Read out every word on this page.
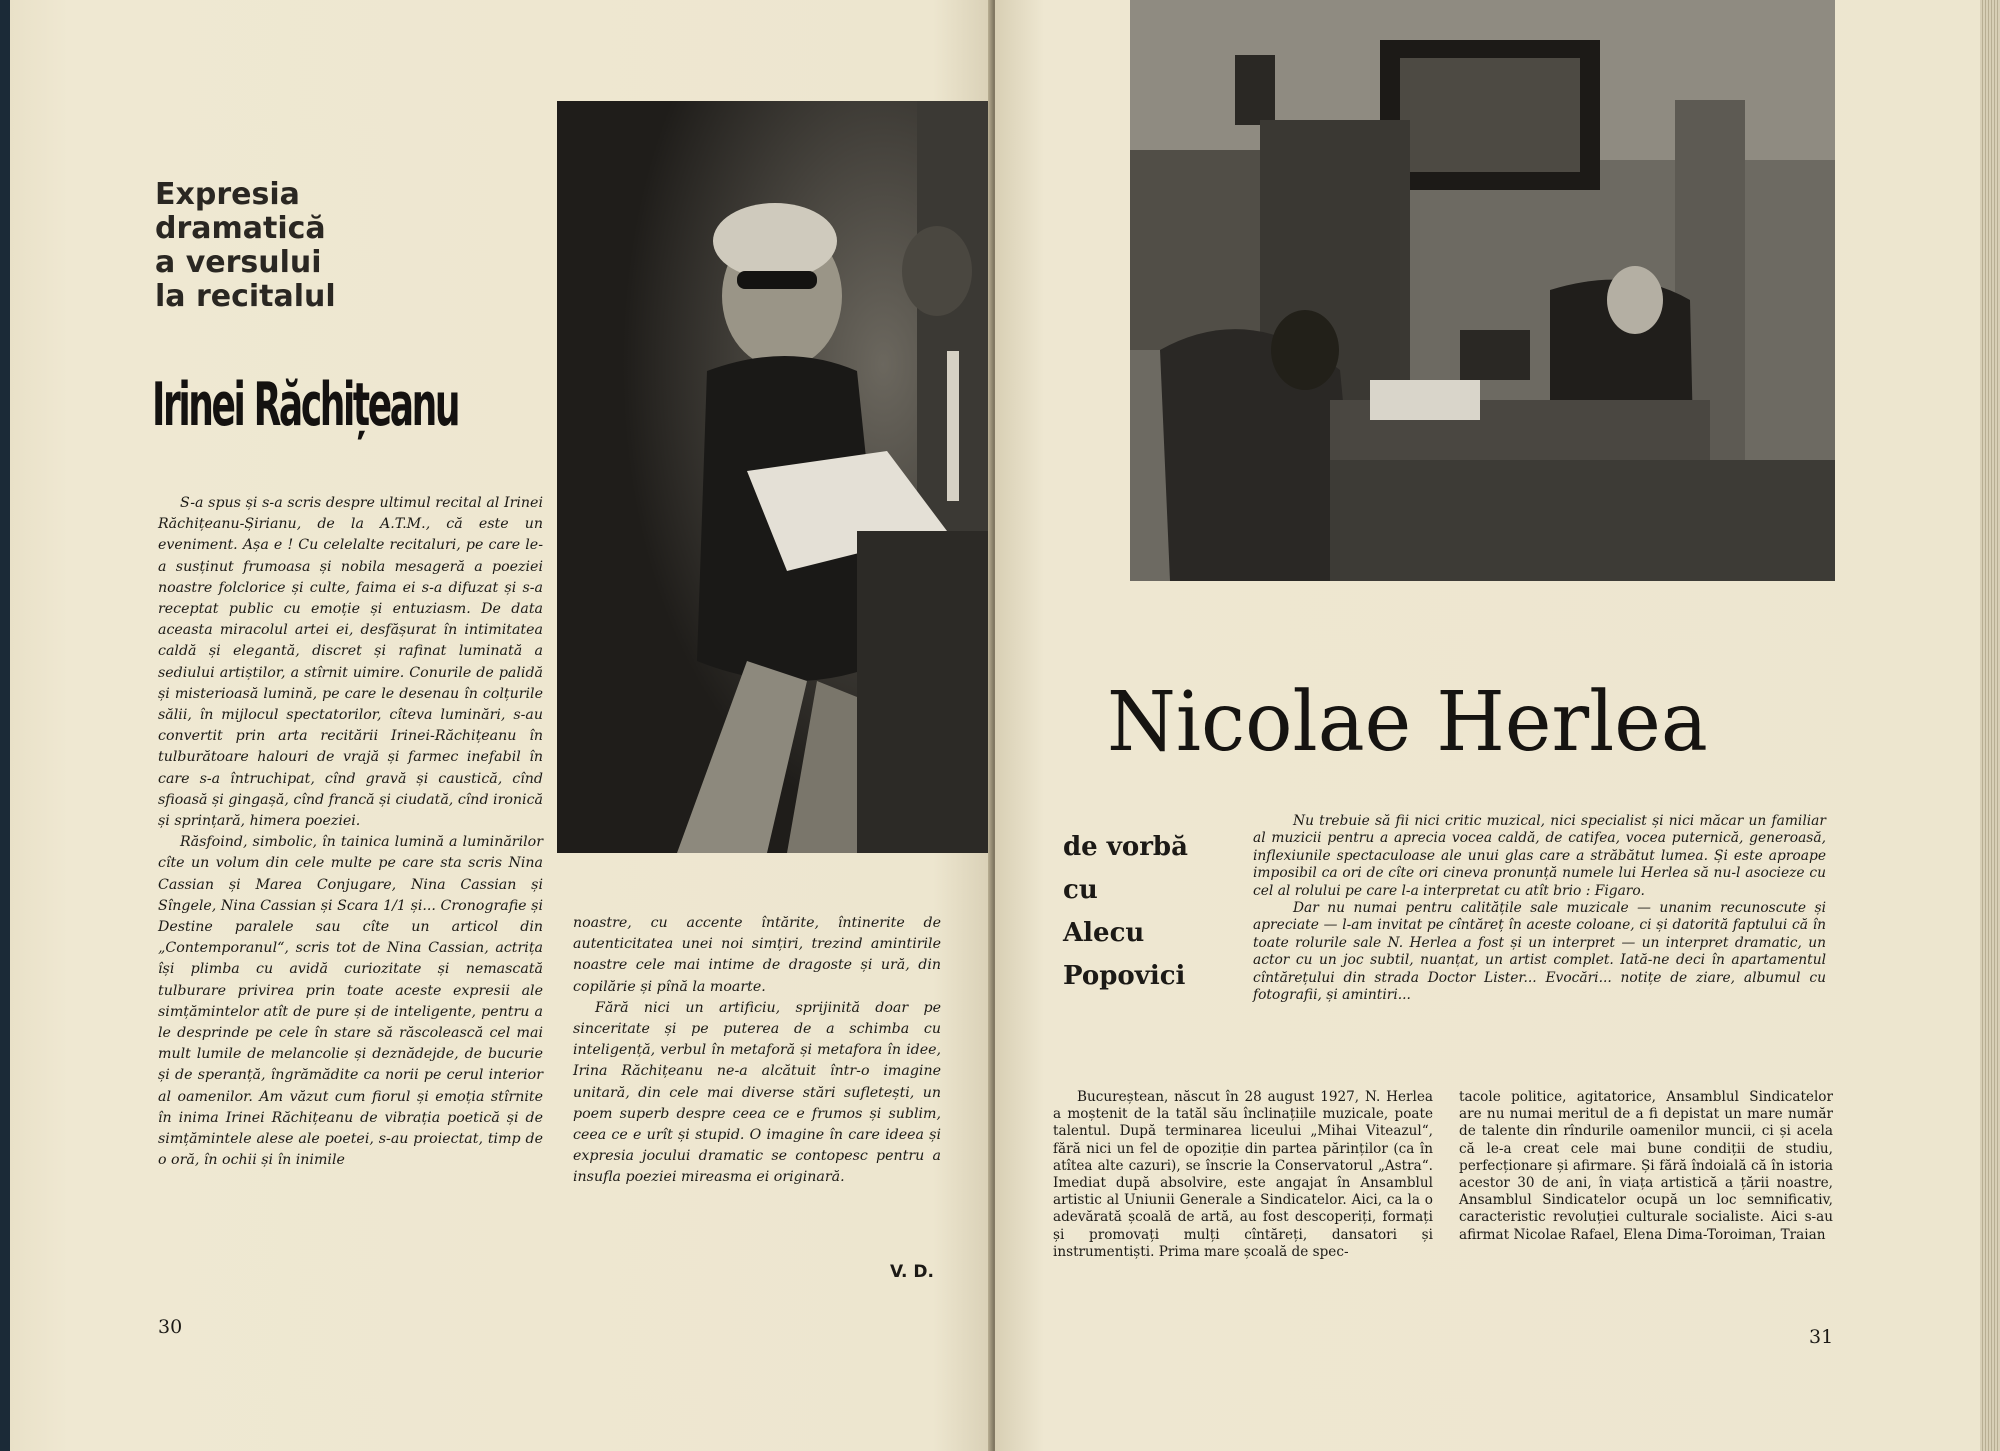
Expresia
dramatică
a versului
la recitalul
Irinei Răchițeanu

S-a spus și s-a scris despre ultimul recital al Irinei Răchițeanu-Șirianu, de la A.T.M., că este un eveniment. Așa e ! Cu celelalte recitaluri, pe care le-a susținut frumoasa și nobila mesageră a poeziei noastre folclorice și culte, faima ei s-a difuzat și s-a receptat public cu emoție și entuziasm. De data aceasta miracolul artei ei, desfășurat în intimitatea caldă și elegantă, discret și rafinat luminată a sediului artiștilor, a stîrnit uimire. Conurile de palidă și misterioasă lumină, pe care le desenau în colțurile sălii, în mijlocul spectatorilor, cîteva luminări, s-au convertit prin arta recitării Irinei-Răchițeanu în tulburătoare halouri de vrajă și farmec inefabil în care s-a întruchipat, cînd gravă și caustică, cînd sfioasă și gingașă, cînd francă și ciudată, cînd ironică și sprințară, himera poeziei.

Răsfoind, simbolic, în tainica lumină a luminărilor cîte un volum din cele multe pe care sta scris Nina Cassian și Marea Conjugare, Nina Cassian și Sîngele, Nina Cassian și Scara 1/1 și... Cronografie și Destine paralele sau cîte un articol din „Contemporanul“, scris tot de Nina Cassian, actrița își plimba cu avidă curiozitate și nemascată tulburare privirea prin toate aceste expresii ale simțămintelor atît de pure și de inteligente, pentru a le desprinde pe cele în stare să răscolească cel mai mult lumile de melancolie și deznădejde, de bucurie și de speranță, îngrămădite ca norii pe cerul interior al oamenilor. Am văzut cum fiorul și emoția stîrnite în inima Irinei Răchițeanu de vibrația poetică și de simțămintele alese ale poetei, s-au proiectat, timp de o oră, în ochii și în inimile

noastre, cu accente întărite, întinerite de autenticitatea unei noi simțiri, trezind amintirile noastre cele mai intime de dragoste și ură, din copilărie și pînă la moarte.

Fără nici un artificiu, sprijinită doar pe sinceritate și pe puterea de a schimba cu inteligență, verbul în metaforă și metafora în idee, Irina Răchițeanu ne-a alcătuit într-o imagine unitară, din cele mai diverse stări sufletești, un poem superb despre ceea ce e frumos și sublim, ceea ce e urît și stupid. O imagine în care ideea și expresia jocului dramatic se contopesc pentru a insufla poeziei mireasma ei originară.

V. D.
30
Nicolae Herlea
de vorbă
cu
Alecu
Popovici

Nu trebuie să fii nici critic muzical, nici specialist și nici măcar un familiar al muzicii pentru a aprecia vocea caldă, de catifea, vocea puternică, generoasă, inflexiunile spectaculoase ale unui glas care a străbătut lumea. Și este aproape imposibil ca ori de cîte ori cineva pronunță numele lui Herlea să nu-l asocieze cu cel al rolului pe care l-a interpretat cu atît brio : Figaro.

Dar nu numai pentru calitățile sale muzicale — unanim recunoscute și apreciate — l-am invitat pe cîntăreț în aceste coloane, ci și datorită faptului că în toate rolurile sale N. Herlea a fost și un interpret — un interpret dramatic, un actor cu un joc subtil, nuanțat, un artist complet. Iată-ne deci în apartamentul cîntărețului din strada Doctor Lister... Evocări... notițe de ziare, albumul cu fotografii, și amintiri...

Bucureștean, născut în 28 august 1927, N. Herlea a moștenit de la tatăl său înclinațiile muzicale, poate talentul. După terminarea liceului „Mihai Viteazul“, fără nici un fel de opoziție din partea părinților (ca în atîtea alte cazuri), se înscrie la Conservatorul „Astra“. Imediat după absolvire, este angajat în Ansamblul artistic al Uniunii Generale a Sindicatelor. Aici, ca la o adevărată școală de artă, au fost descoperiți, formați și promovați mulți cîntăreți, dansatori și instrumentiști. Prima mare școală de spec-
tacole politice, agitatorice, Ansamblul Sindicatelor are nu numai meritul de a fi depistat un mare număr de talente din rîndurile oamenilor muncii, ci și acela că le-a creat cele mai bune condiții de studiu, perfecționare și afirmare. Și fără îndoială că în istoria acestor 30 de ani, în viața artistică a țării noastre, Ansamblul Sindicatelor ocupă un loc semnificativ, caracteristic revoluției culturale socialiste. Aici s-au afirmat Nicolae Rafael, Elena Dima-Toroiman, Traian
31
